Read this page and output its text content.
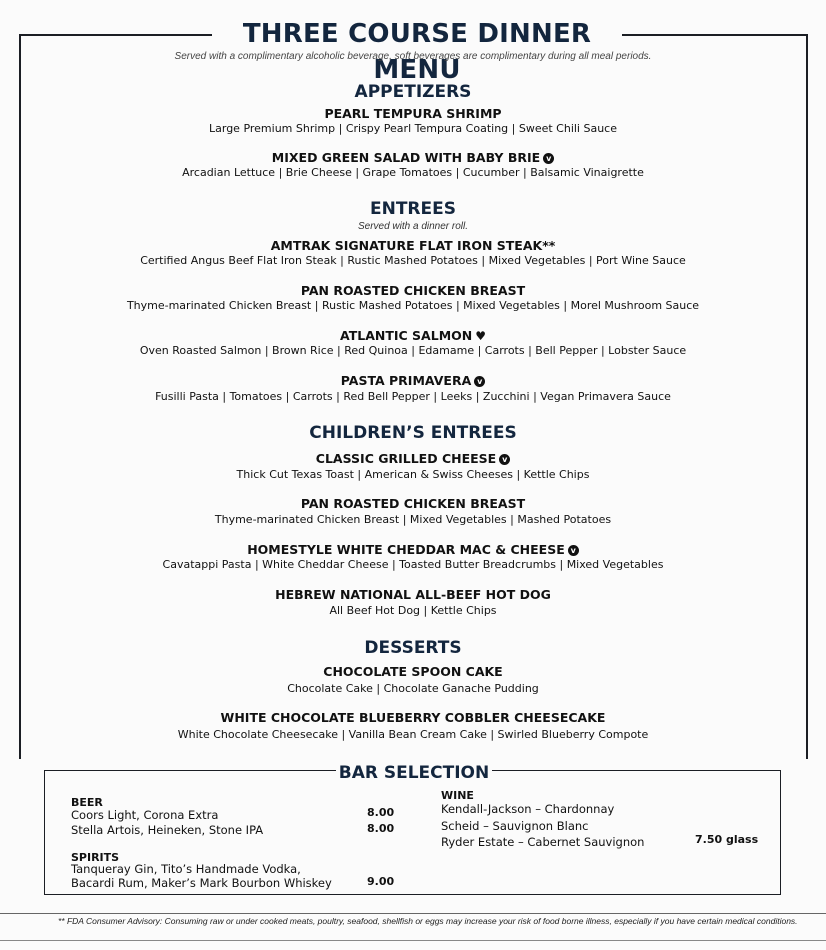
THREE COURSE DINNER MENU

Served with a complimentary alcoholic beverage, soft beverages are complimentary during all meal periods.

APPETIZERS

PEARL TEMPURA SHRIMP

Large Premium Shrimp | Crispy Pearl Tempura Coating | Sweet Chili Sauce

MIXED GREEN SALAD WITH BABY BRIE v

Arcadian Lettuce | Brie Cheese | Grape Tomatoes | Cucumber | Balsamic Vinaigrette

ENTREES

Served with a dinner roll.

AMTRAK SIGNATURE FLAT IRON STEAK**

Certified Angus Beef Flat Iron Steak | Rustic Mashed Potatoes | Mixed Vegetables | Port Wine Sauce

PAN ROASTED CHICKEN BREAST

Thyme-marinated Chicken Breast | Rustic Mashed Potatoes | Mixed Vegetables | Morel Mushroom Sauce

ATLANTIC SALMON ♥

Oven Roasted Salmon | Brown Rice | Red Quinoa | Edamame | Carrots | Bell Pepper | Lobster Sauce

PASTA PRIMAVERA v

Fusilli Pasta | Tomatoes | Carrots | Red Bell Pepper | Leeks | Zucchini | Vegan Primavera Sauce

CHILDREN’S ENTREES

CLASSIC GRILLED CHEESE v

Thick Cut Texas Toast | American & Swiss Cheeses | Kettle Chips

PAN ROASTED CHICKEN BREAST

Thyme-marinated Chicken Breast | Mixed Vegetables | Mashed Potatoes

HOMESTYLE WHITE CHEDDAR MAC & CHEESE v

Cavatappi Pasta | White Cheddar Cheese | Toasted Butter Breadcrumbs | Mixed Vegetables

HEBREW NATIONAL ALL-BEEF HOT DOG

All Beef Hot Dog | Kettle Chips

DESSERTS

CHOCOLATE SPOON CAKE

Chocolate Cake | Chocolate Ganache Pudding

WHITE CHOCOLATE BLUEBERRY COBBLER CHEESECAKE

White Chocolate Cheesecake | Vanilla Bean Cream Cake | Swirled Blueberry Compote

BAR SELECTION

BEER

Coors Light, Corona Extra	8.00

Stella Artois, Heineken, Stone IPA	8.00

SPIRITS

Tanqueray Gin, Tito’s Handmade Vodka,

Bacardi Rum, Maker’s Mark Bourbon Whiskey	9.00

WINE

Kendall-Jackson – Chardonnay

Scheid – Sauvignon Blanc

Ryder Estate – Cabernet Sauvignon	7.50 glass

** FDA Consumer Advisory: Consuming raw or under cooked meats, poultry, seafood, shellfish or eggs may increase your risk of food borne illness, especially if you have certain medical conditions.
